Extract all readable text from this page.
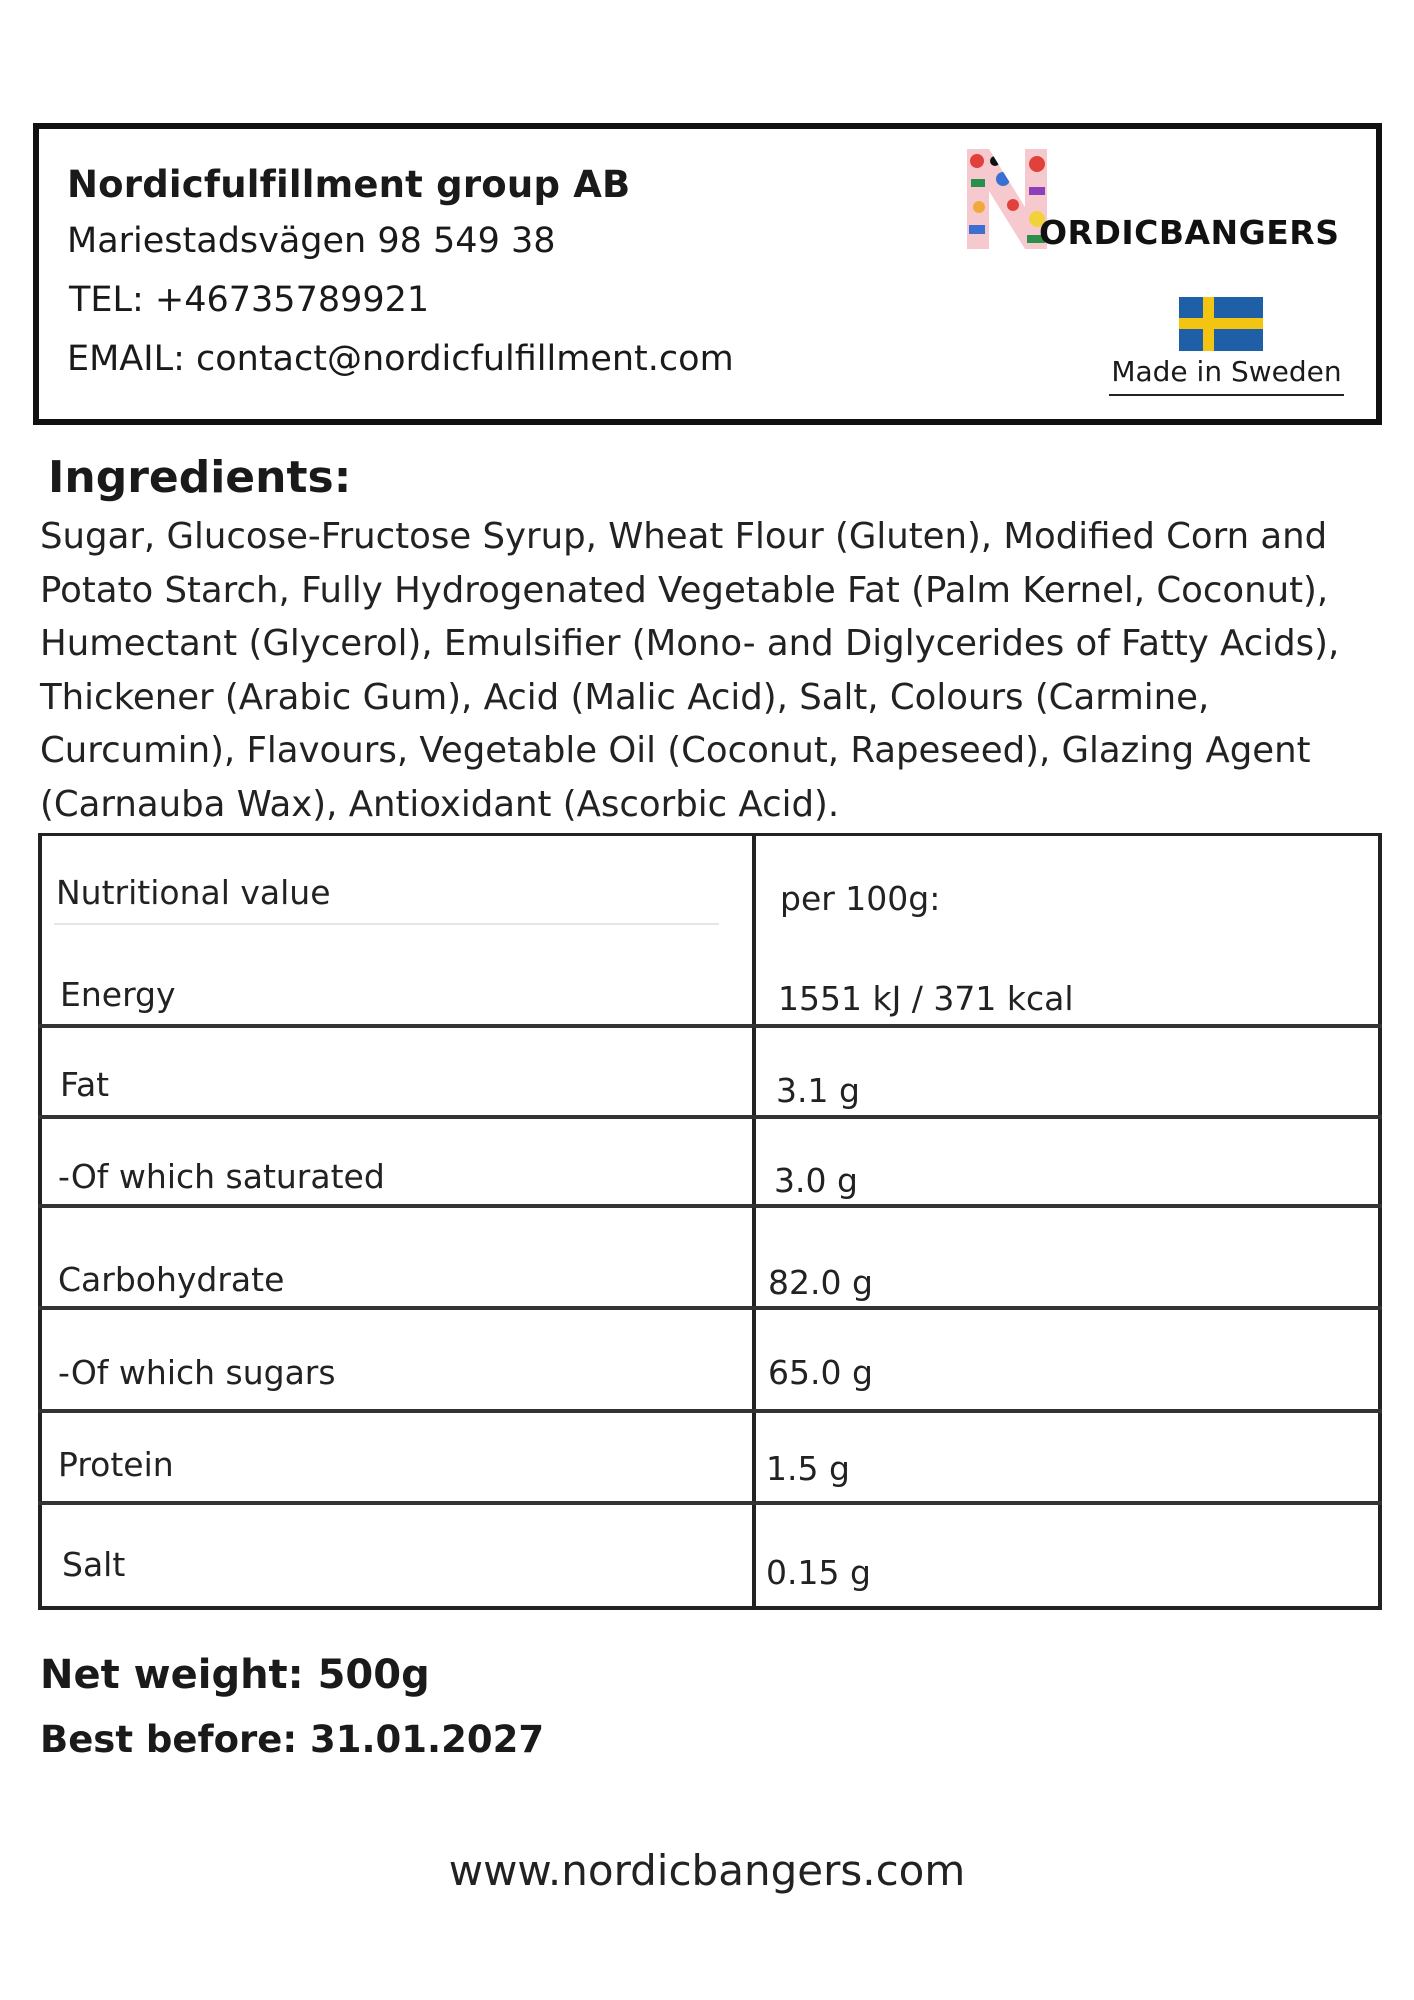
Nordicfulfillment group AB
Mariestadsvägen 98 549 38
TEL: +46735789921
EMAIL: contact@nordicfulfillment.com
ORDICBANGERS
Made in Sweden
Ingredients:
Sugar, Glucose-Fructose Syrup, Wheat Flour (Gluten), Modified Corn and Potato Starch, Fully Hydrogenated Vegetable Fat (Palm Kernel, Coconut), Humectant (Glycerol), Emulsifier (Mono- and Diglycerides of Fatty Acids), Thickener (Arabic Gum), Acid (Malic Acid), Salt, Colours (Carmine, Curcumin), Flavours, Vegetable Oil (Coconut, Rapeseed), Glazing Agent (Carnauba Wax), Antioxidant (Ascorbic Acid).
Nutritional value	per 100g:
Energy	1551 kJ / 371 kcal
Fat	3.1 g
-Of which saturated	3.0 g
Carbohydrate	82.0 g
-Of which sugars	65.0 g
Protein	1.5 g
Salt	0.15 g
Net weight: 500g
Best before: 31.01.2027
www.nordicbangers.com
